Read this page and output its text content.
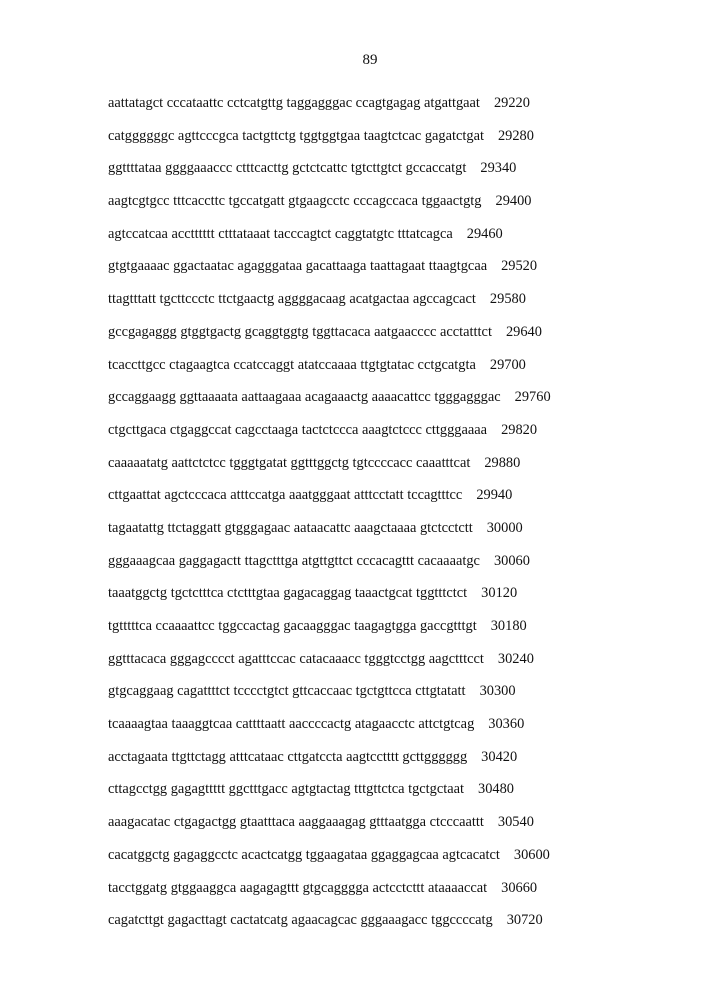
89
aattatagct cccataattc cctcatgttg taggagggac ccagtgagag atgattgaat 29220
catggggggc agttcccgca tactgttctg tggtggtgaa taagtctcac gagatctgat 29280
ggttttataa ggggaaaccc ctttcacttg gctctcattc tgtcttgtct gccaccatgt 29340
aagtcgtgcc tttcaccttc tgccatgatt gtgaagcctc cccagccaca tggaactgtg 29400
agtccatcaa acctttttt ctttataaat tacccagtct caggtatgtc tttatcagca 29460
gtgtgaaaac ggactaatac agagggataa gacattaaga taattagaat ttaagtgcaa 29520
ttagtttatt tgcttccctc ttctgaactg aggggacaag acatgactaa agccagcact 29580
gccgagaggg gtggtgactg gcaggtggtg tggttacaca aatgaacccc acctatttct 29640
tcaccttgcc ctagaagtca ccatccaggt atatccaaaa ttgtgtatac cctgcatgta 29700
gccaggaagg ggttaaaata aattaagaaa acagaaactg aaaacattcc tgggagggac 29760
ctgcttgaca ctgaggccat cagcctaaga tactctccca aaagtctccc cttgggaaaa 29820
caaaaatatg aattctctcc tgggtgatat ggtttggctg tgtccccacc caaatttcat 29880
cttgaattat agctcccaca atttccatga aaatgggaat atttcctatt tccagtttcc 29940
tagaatattg ttctaggatt gtgggagaac aataacattc aaagctaaaa gtctcctctt 30000
gggaaagcaa gaggagactt ttagctttga atgttgttct cccacagttt cacaaaatgc 30060
taaatggctg tgctctttca ctctttgtaa gagacaggag taaactgcat tggtttctct 30120
tgtttttca ccaaaattcc tggccactag gacaagggac taagagtgga gaccgtttgt 30180
ggtttacaca gggagcccct agatttccac catacaaacc tgggtcctgg aagctttcct 30240
gtgcaggaag cagattttct tcccctgtct gttcaccaac tgctgttcca cttgtatatt 30300
tcaaaagtaa taaaggtcaa cattttaatt aaccccactg atagaacctc attctgtcag 30360
acctagaata ttgttctagg atttcataac cttgatccta aagtcctttt gcttgggggg 30420
cttagcctgg gagagttttt ggctttgacc agtgtactag tttgttctca tgctgctaat 30480
aaagacatac ctgagactgg gtaatttaca aaggaaagag gtttaatgga ctcccaattt 30540
cacatggctg gagaggcctc acactcatgg tggaagataa ggaggagcaa agtcacatct 30600
tacctggatg gtggaaggca aagagagttt gtgcagggga actcctcttt ataaaaccat 30660
cagatcttgt gagacttagt cactatcatg agaacagcac gggaaagacc tggccccatg 30720
